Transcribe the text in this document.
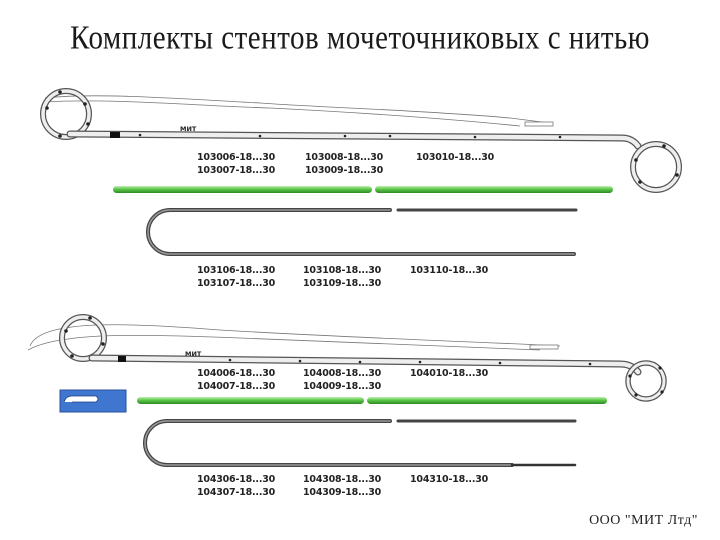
Комплекты стентов мочеточниковых с нитью
МИТ
МИТ
103006-18...30
103007-18...30
103008-18...30
103009-18...30
103010-18...30
103106-18...30
103107-18...30
103108-18...30
103109-18...30
103110-18...30
104006-18...30
104007-18...30
104008-18...30
104009-18...30
104010-18...30
104306-18...30
104307-18...30
104308-18...30
104309-18...30
104310-18...30
ООО "МИТ Лтд"
